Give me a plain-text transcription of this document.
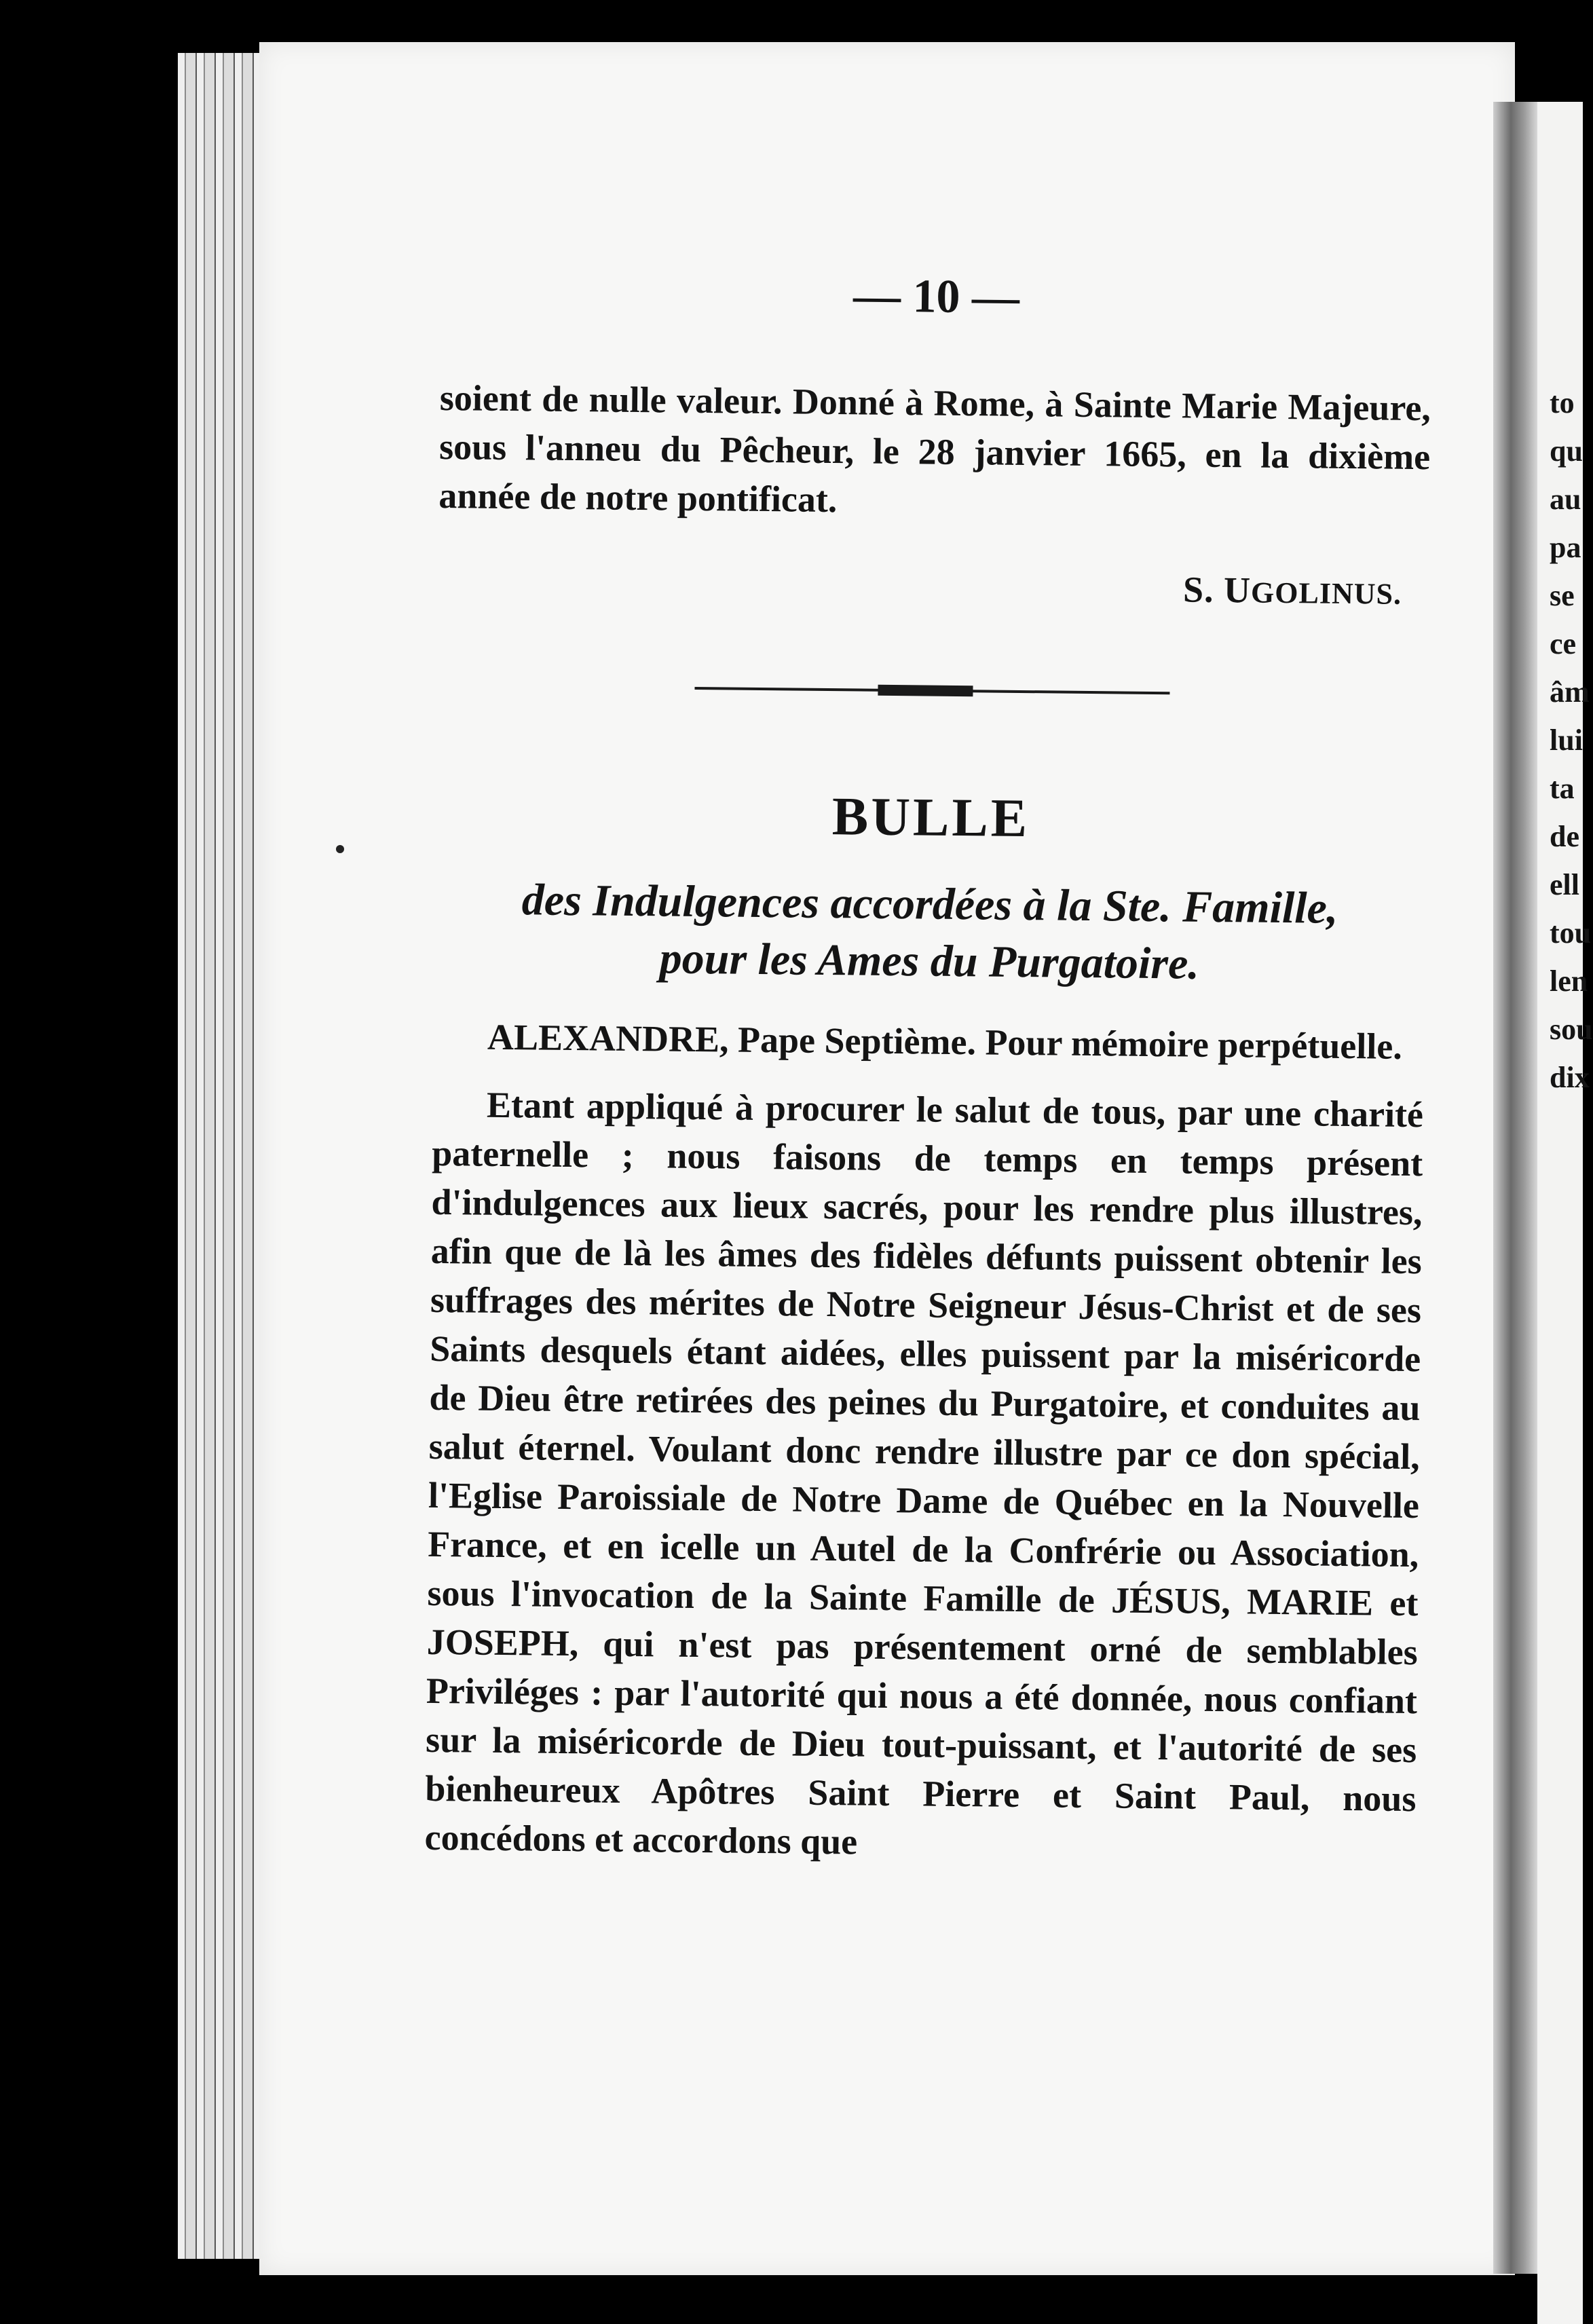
to
qu
au
pa
se
ce
âm
lui
ta
de
ell
tou
len
sou
dix
— 10 —

soient de nulle valeur. Donné à Rome, à Sainte Marie Majeure, sous l'anneu du Pêcheur, le 28 janvier 1665, en la dixième année de notre pontificat.

S. UGOLINUS.
BULLE
des Indulgences accordées à la Ste. Famille,
pour les Ames du Purgatoire.

ALEXANDRE, Pape Septième. Pour mémoire perpétuelle.

Etant appliqué à procurer le salut de tous, par une charité paternelle ; nous faisons de temps en temps présent d'indulgences aux lieux sacrés, pour les rendre plus illustres, afin que de là les âmes des fidèles défunts puissent obtenir les suffrages des mérites de Notre Seigneur Jésus-Christ et de ses Saints desquels étant aidées, elles puissent par la miséricorde de Dieu être retirées des peines du Purgatoire, et conduites au salut éternel. Voulant donc rendre illustre par ce don spécial, l'Eglise Paroissiale de Notre Dame de Québec en la Nouvelle France, et en icelle un Autel de la Confrérie ou Association, sous l'invocation de la Sainte Famille de JÉSUS, MARIE et JOSEPH, qui n'est pas présentement orné de semblables Priviléges : par l'autorité qui nous a été donnée, nous confiant sur la miséricorde de Dieu tout-puissant, et l'autorité de ses bienheureux Apôtres Saint Pierre et Saint Paul, nous concédons et accordons que
